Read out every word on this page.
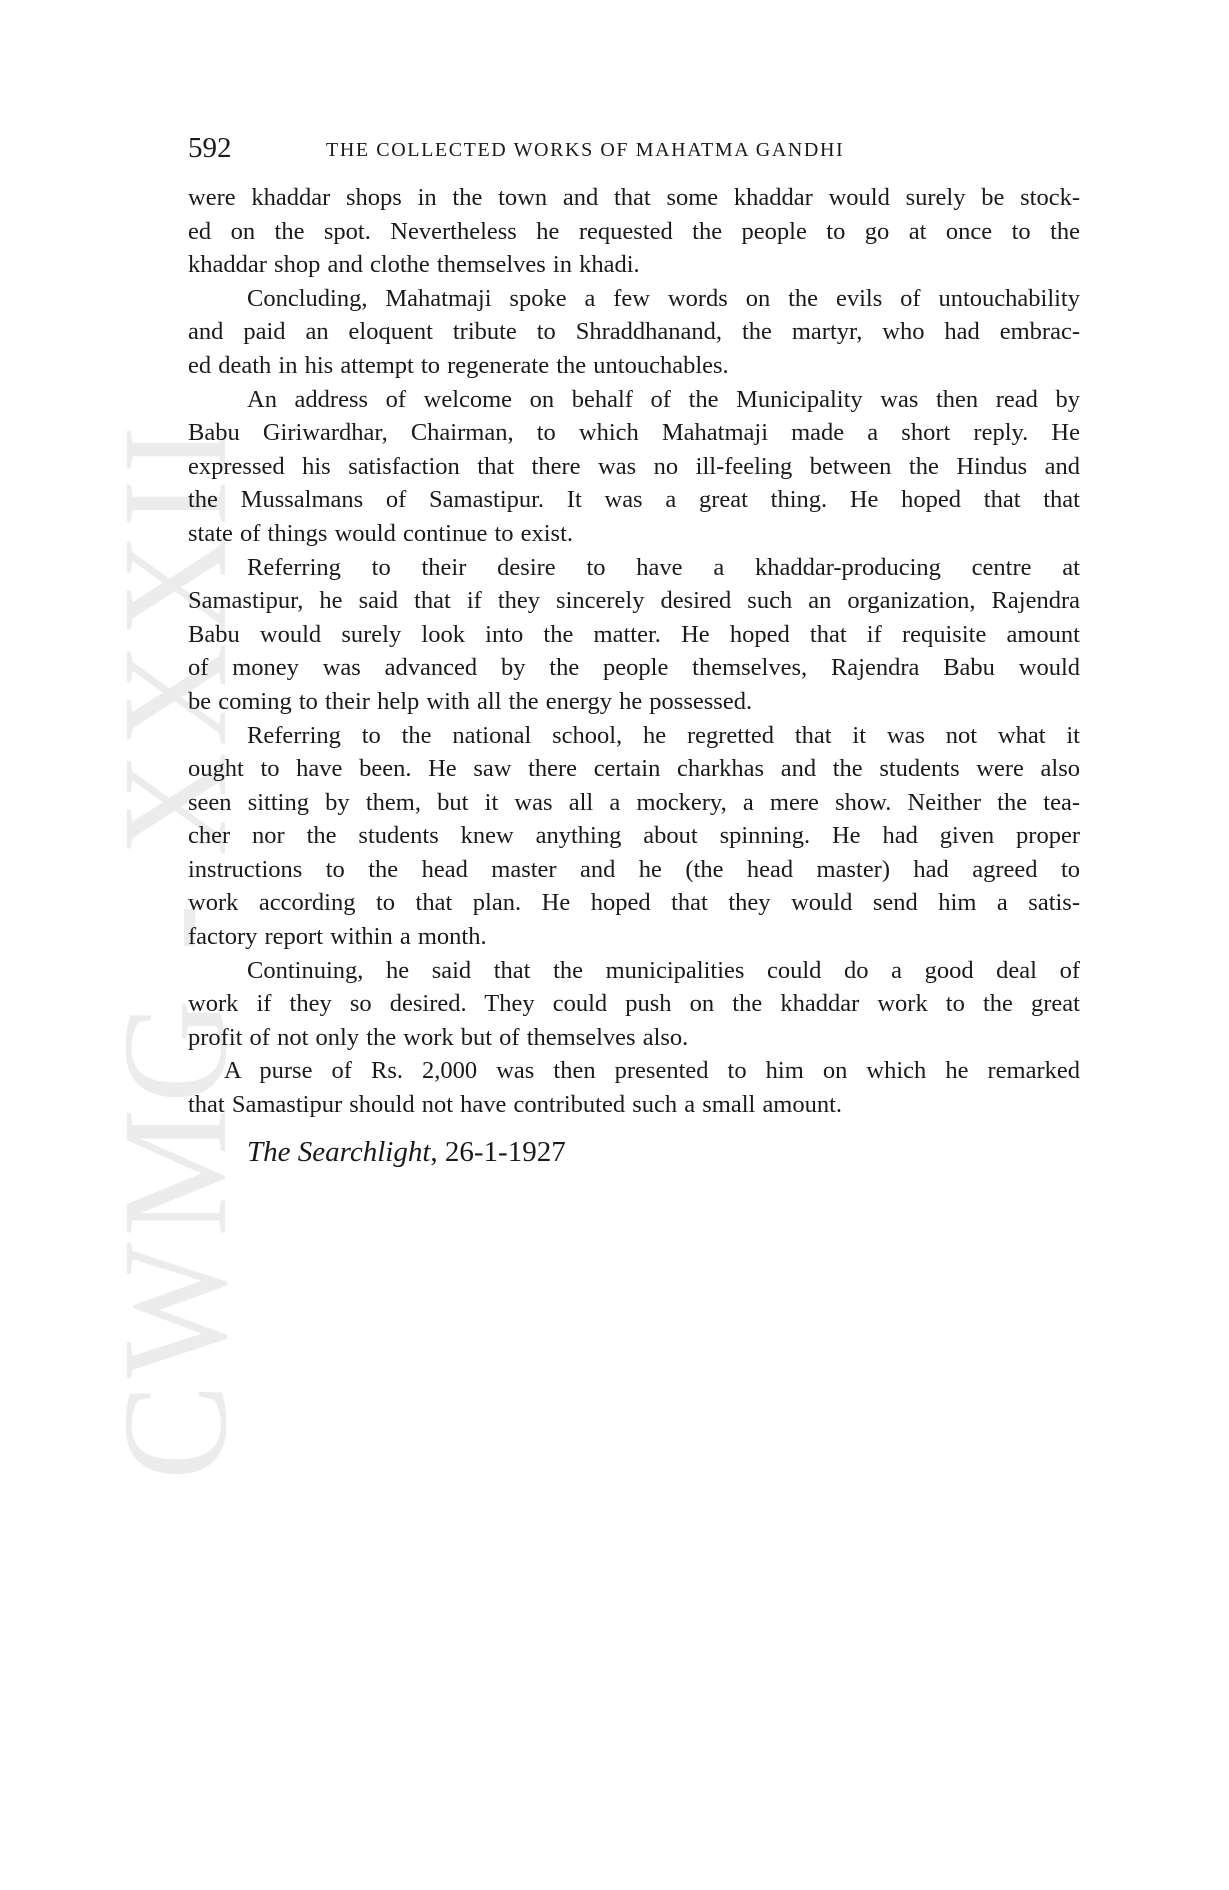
CWMG - XXXII
592	THE COLLECTED WORKS OF MAHATMA GANDHI
were khaddar shops in the town and that some khaddar would surely be stock-
ed on the spot. Nevertheless he requested the people to go at once to the
khaddar shop and clothe themselves in khadi.
Concluding, Mahatmaji spoke a few words on the evils of untouchability
and paid an eloquent tribute to Shraddhanand, the martyr, who had embrac-
ed death in his attempt to regenerate the untouchables.
An address of welcome on behalf of the Municipality was then read by
Babu Giriwardhar, Chairman, to which Mahatmaji made a short reply. He
expressed his satisfaction that there was no ill-feeling between the Hindus and
the Mussalmans of Samastipur. It was a great thing. He hoped that that
state of things would continue to exist.
Referring to their desire to have a khaddar-producing centre at
Samastipur, he said that if they sincerely desired such an organization, Rajendra
Babu would surely look into the matter. He hoped that if requisite amount
of money was advanced by the people themselves, Rajendra Babu would
be coming to their help with all the energy he possessed.
Referring to the national school, he regretted that it was not what it
ought to have been. He saw there certain charkhas and the students were also
seen sitting by them, but it was all a mockery, a mere show. Neither the tea-
cher nor the students knew anything about spinning. He had given proper
instructions to the head master and he (the head master) had agreed to
work according to that plan. He hoped that they would send him a satis-
factory report within a month.
Continuing, he said that the municipalities could do a good deal of
work if they so desired. They could push on the khaddar work to the great
profit of not only the work but of themselves also.
A purse of Rs. 2,000 was then presented to him on which he remarked
that Samastipur should not have contributed such a small amount.
The Searchlight, 26-1-1927
